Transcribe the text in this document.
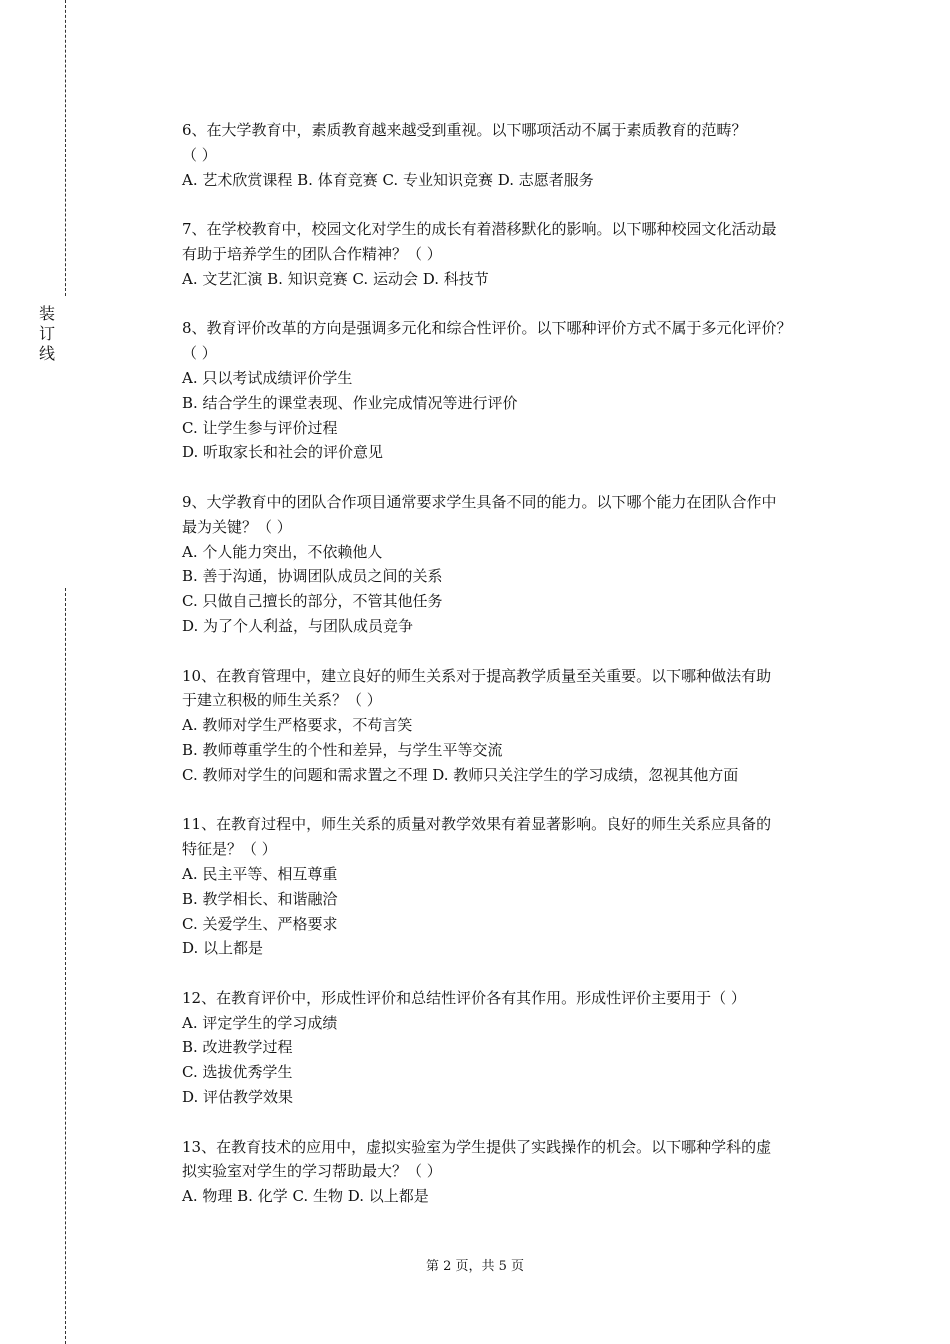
装
订
线
6、在大学教育中，素质教育越来越受到重视。以下哪项活动不属于素质教育的范畴？
（ ）
A. 艺术欣赏课程 B. 体育竞赛 C. 专业知识竞赛 D. 志愿者服务
7、在学校教育中，校园文化对学生的成长有着潜移默化的影响。以下哪种校园文化活动最
有助于培养学生的团队合作精神？（ ）
A. 文艺汇演 B. 知识竞赛 C. 运动会 D. 科技节
8、教育评价改革的方向是强调多元化和综合性评价。以下哪种评价方式不属于多元化评价？
（ ）
A. 只以考试成绩评价学生
B. 结合学生的课堂表现、作业完成情况等进行评价
C. 让学生参与评价过程
D. 听取家长和社会的评价意见
9、大学教育中的团队合作项目通常要求学生具备不同的能力。以下哪个能力在团队合作中
最为关键？（ ）
A. 个人能力突出，不依赖他人
B. 善于沟通，协调团队成员之间的关系
C. 只做自己擅长的部分，不管其他任务
D. 为了个人利益，与团队成员竞争
10、在教育管理中，建立良好的师生关系对于提高教学质量至关重要。以下哪种做法有助
于建立积极的师生关系？（ ）
A. 教师对学生严格要求，不苟言笑
B. 教师尊重学生的个性和差异，与学生平等交流
C. 教师对学生的问题和需求置之不理 D. 教师只关注学生的学习成绩，忽视其他方面
11、在教育过程中，师生关系的质量对教学效果有着显著影响。良好的师生关系应具备的
特征是？（ ）
A. 民主平等、相互尊重
B. 教学相长、和谐融洽
C. 关爱学生、严格要求
D. 以上都是
12、在教育评价中，形成性评价和总结性评价各有其作用。形成性评价主要用于（ ）
A. 评定学生的学习成绩
B. 改进教学过程
C. 选拔优秀学生
D. 评估教学效果
13、在教育技术的应用中，虚拟实验室为学生提供了实践操作的机会。以下哪种学科的虚
拟实验室对学生的学习帮助最大？（ ）
A. 物理 B. 化学 C. 生物 D. 以上都是
第 2 页，共 5 页
